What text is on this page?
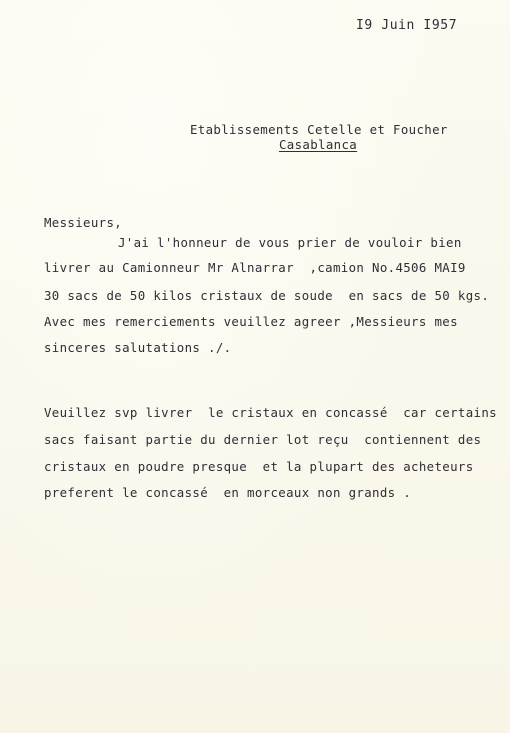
I9 Juin I957
Etablissements Cetelle et Foucher
Casablanca
Messieurs,
J'ai l'honneur de vous prier de vouloir bien
livrer au Camionneur Mr Alnarrar  ,camion No.4506 MAI9
30 sacs de 50 kilos cristaux de soude  en sacs de 50 kgs.
Avec mes remerciements veuillez agreer ,Messieurs mes
sinceres salutations ./.
Veuillez svp livrer  le cristaux en concassé  car certains
sacs faisant partie du dernier lot reçu  contiennent des
cristaux en poudre presque  et la plupart des acheteurs
preferent le concassé  en morceaux non grands .
